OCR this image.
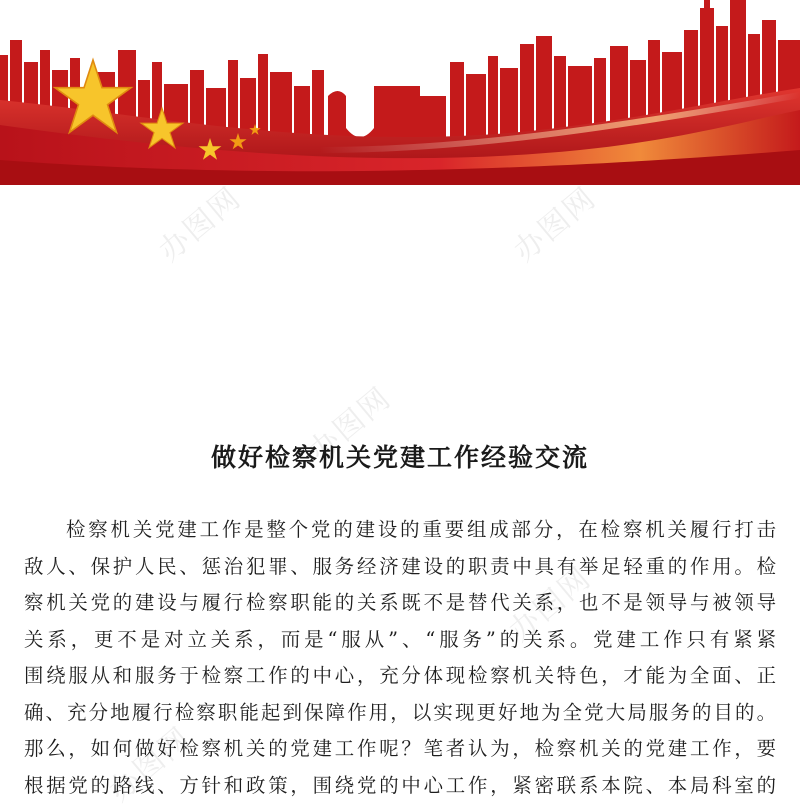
办图网	办图网
办图网
办图网
办图网
做好检察机关党建工作经验交流
检察机关党建工作是整个党的建设的重要组成部分，在检察机关履行打击
敌人、保护人民、惩治犯罪、服务经济建设的职责中具有举足轻重的作用。检
察机关党的建设与履行检察职能的关系既不是替代关系，也不是领导与被领导
关系，更不是对立关系，而是“服从”、“服务”的关系。党建工作只有紧紧
围绕服从和服务于检察工作的中心，充分体现检察机关特色，才能为全面、正
确、充分地履行检察职能起到保障作用，以实现更好地为全党大局服务的目的。
那么，如何做好检察机关的党建工作呢？笔者认为，检察机关的党建工作，要
根据党的路线、方针和政策，围绕党的中心工作，紧密联系本院、本局科室的
